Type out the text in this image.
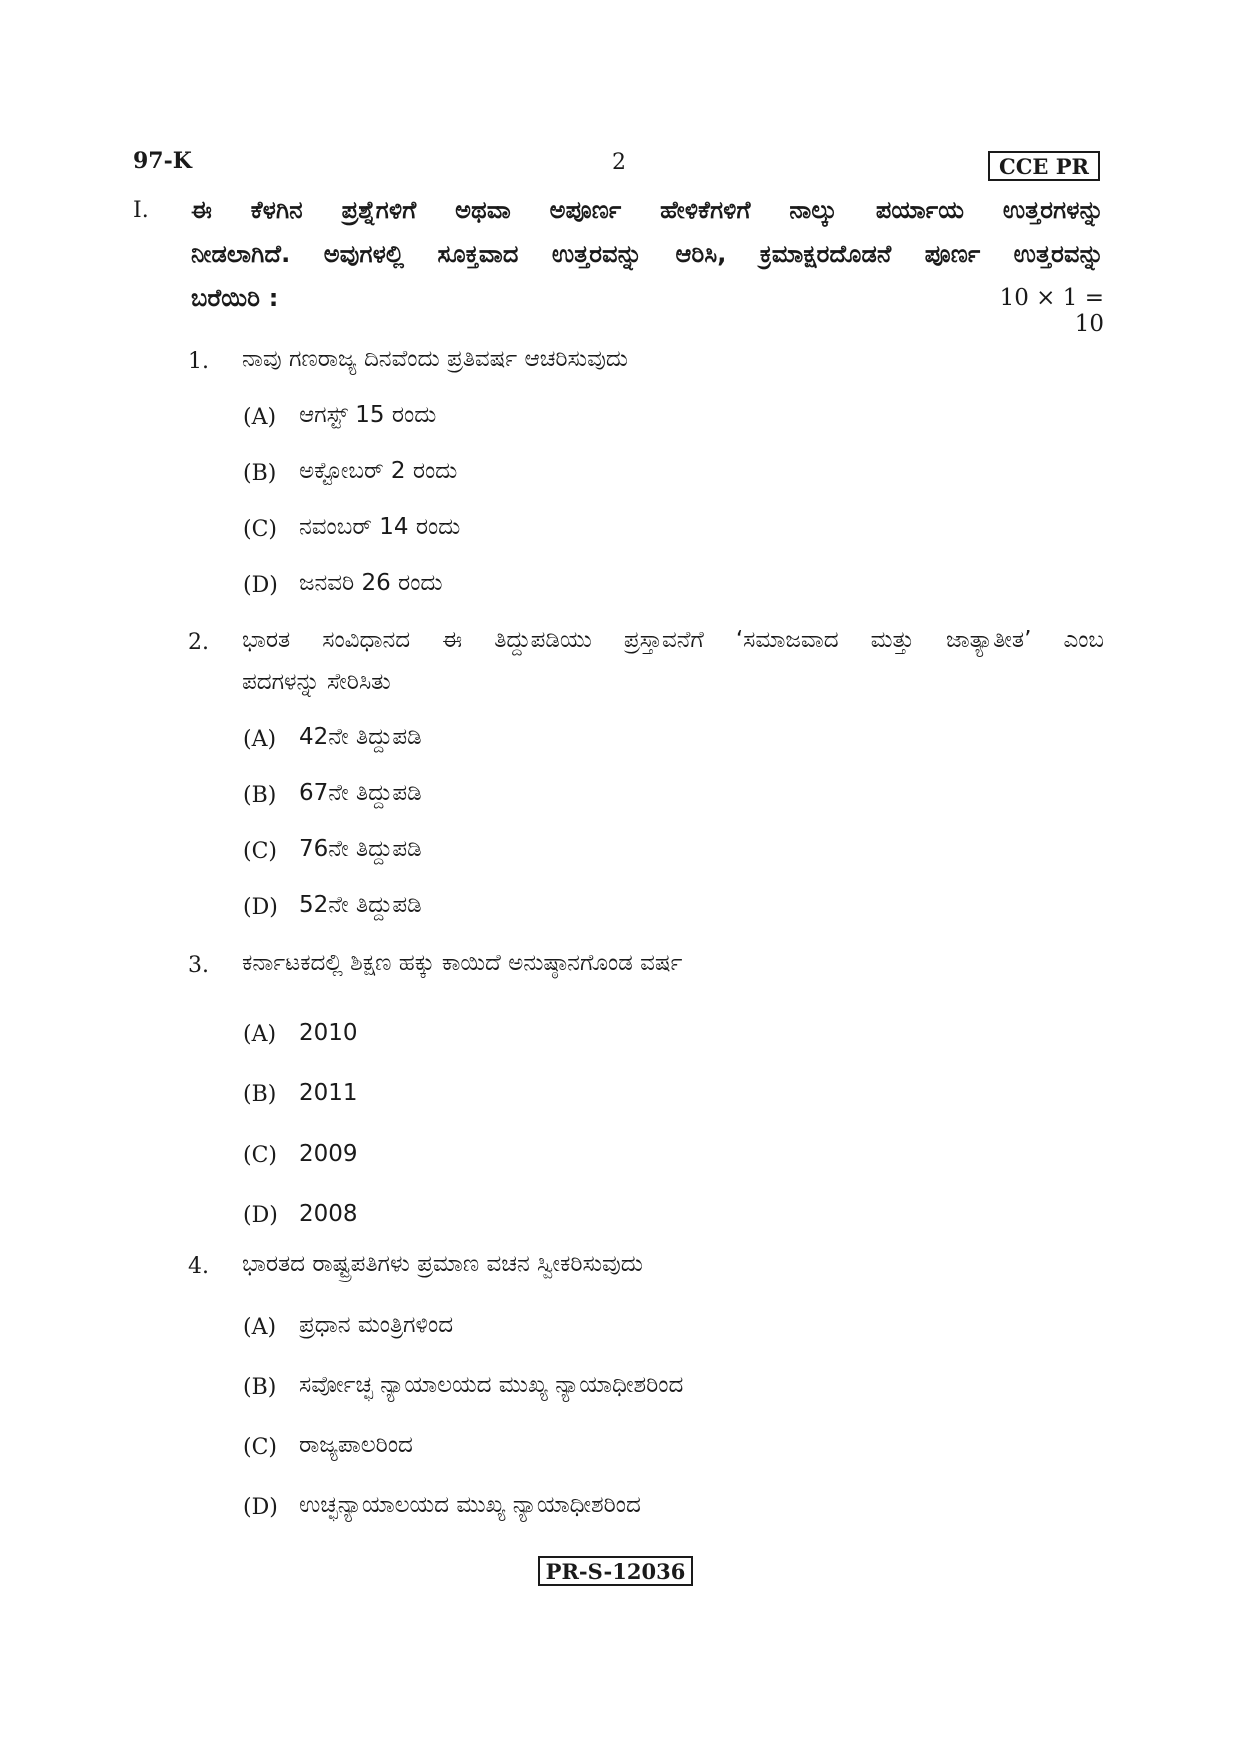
97-K	2	CCE PR
I. ಈ ಕೆಳಗಿನ ಪ್ರಶ್ನೆಗಳಿಗೆ ಅಥವಾ ಅಪೂರ್ಣ ಹೇಳಿಕೆಗಳಿಗೆ ನಾಲ್ಕು ಪರ್ಯಾಯ ಉತ್ತರಗಳನ್ನು
ನೀಡಲಾಗಿದೆ. ಅವುಗಳಲ್ಲಿ ಸೂಕ್ತವಾದ ಉತ್ತರವನ್ನು ಆರಿಸಿ, ಕ್ರಮಾಕ್ಷರದೊಡನೆ ಪೂರ್ಣ ಉತ್ತರವನ್ನು
ಬರೆಯಿರಿ :	10 × 1 = 10
1. ನಾವು ಗಣರಾಜ್ಯ ದಿನವೆಂದು ಪ್ರತಿವರ್ಷ ಆಚರಿಸುವುದು
(A) ಆಗಸ್ಟ್ 15 ರಂದು
(B) ಅಕ್ಟೋಬರ್ 2 ರಂದು
(C) ನವಂಬರ್ 14 ರಂದು
(D) ಜನವರಿ 26 ರಂದು
2. ಭಾರತ ಸಂವಿಧಾನದ ಈ ತಿದ್ದುಪಡಿಯು ಪ್ರಸ್ತಾವನೆಗೆ ‘ಸಮಾಜವಾದ ಮತ್ತು ಜಾತ್ಯಾತೀತ’ ಎಂಬ
ಪದಗಳನ್ನು ಸೇರಿಸಿತು
(A) 42ನೇ ತಿದ್ದುಪಡಿ
(B) 67ನೇ ತಿದ್ದುಪಡಿ
(C) 76ನೇ ತಿದ್ದುಪಡಿ
(D) 52ನೇ ತಿದ್ದುಪಡಿ
3. ಕರ್ನಾಟಕದಲ್ಲಿ ಶಿಕ್ಷಣ ಹಕ್ಕು ಕಾಯಿದೆ ಅನುಷ್ಠಾನಗೊಂಡ ವರ್ಷ
(A) 2010
(B) 2011
(C) 2009
(D) 2008
4. ಭಾರತದ ರಾಷ್ಟ್ರಪತಿಗಳು ಪ್ರಮಾಣ ವಚನ ಸ್ವೀಕರಿಸುವುದು
(A) ಪ್ರಧಾನ ಮಂತ್ರಿಗಳಿಂದ
(B) ಸರ್ವೋಚ್ಛ ನ್ಯಾಯಾಲಯದ ಮುಖ್ಯ ನ್ಯಾಯಾಧೀಶರಿಂದ
(C) ರಾಜ್ಯಪಾಲರಿಂದ
(D) ಉಚ್ಛನ್ಯಾಯಾಲಯದ ಮುಖ್ಯ ನ್ಯಾಯಾಧೀಶರಿಂದ
PR-S-12036
